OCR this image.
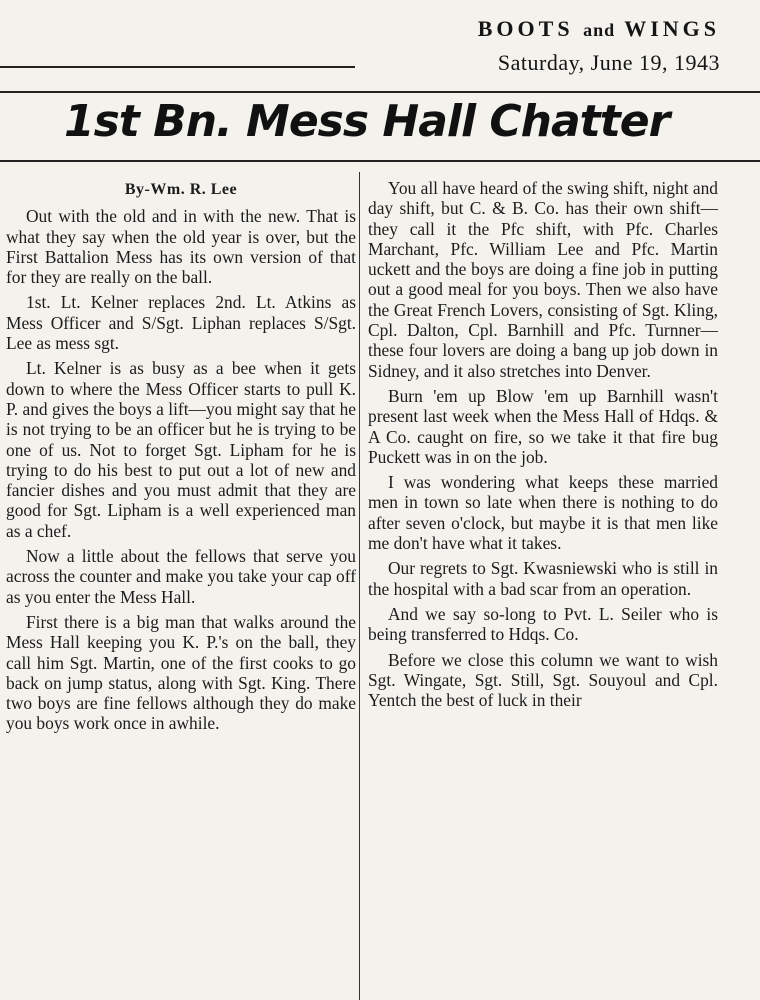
BOOTS and WINGS
Saturday, June 19, 1943
1st Bn. Mess Hall Chatter
By-Wm. R. Lee

Out with the old and in with the new. That is what they say when the old year is over, but the First Battalion Mess has its own version of that for they are really on the ball.

1st. Lt. Kelner replaces 2nd. Lt. Atkins as Mess Officer and S/Sgt. Liphan replaces S/Sgt. Lee as mess sgt.

Lt. Kelner is as busy as a bee when it gets down to where the Mess Officer starts to pull K. P. and gives the boys a lift—you might say that he is not trying to be an officer but he is trying to be one of us. Not to forget Sgt. Lipham for he is trying to do his best to put out a lot of new and fancier dishes and you must admit that they are good for Sgt. Lipham is a well experienced man as a chef.

Now a little about the fellows that serve you across the counter and make you take your cap off as you enter the Mess Hall.

First there is a big man that walks around the Mess Hall keeping you K. P.'s on the ball, they call him Sgt. Martin, one of the first cooks to go back on jump status, along with Sgt. King. There two boys are fine fellows although they do make you boys work once in awhile.

You all have heard of the swing shift, night and day shift, but C. & B. Co. has their own shift—they call it the Pfc shift, with Pfc. Charles Marchant, Pfc. William Lee and Pfc. Martin uckett and the boys are doing a fine job in putting out a good meal for you boys. Then we also have the Great French Lovers, consisting of Sgt. Kling, Cpl. Dalton, Cpl. Barnhill and Pfc. Turnner—these four lovers are doing a bang up job down in Sidney, and it also stretches into Denver.

Burn 'em up Blow 'em up Barnhill wasn't present last week when the Mess Hall of Hdqs. & A Co. caught on fire, so we take it that fire bug Puckett was in on the job.

I was wondering what keeps these married men in town so late when there is nothing to do after seven o'clock, but maybe it is that men like me don't have what it takes.

Our regrets to Sgt. Kwasniewski who is still in the hospital with a bad scar from an operation.

And we say so-long to Pvt. L. Seiler who is being transferred to Hdqs. Co.

Before we close this column we want to wish Sgt. Wingate, Sgt. Still, Sgt. Souyoul and Cpl. Yentch the best of luck in their
